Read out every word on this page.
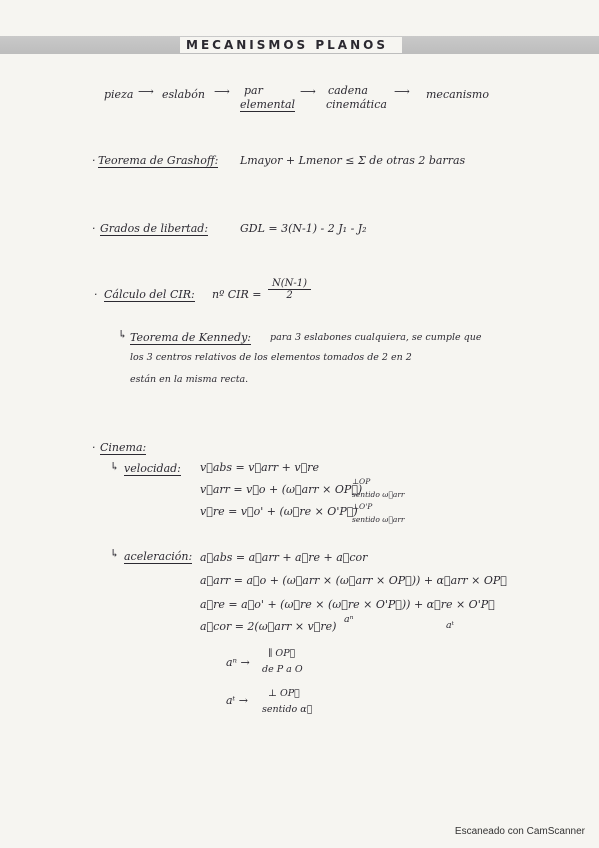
MECANISMOS PLANOS
pieza ⟶ eslabón ⟶ par
elemental
⟶ cadena
cinemática
⟶ mecanismo
· Teorema de Grashoff: Lmayor + Lmenor ≤ Σ de otras 2 barras
· Grados de libertad:	GDL = 3(N-1) - 2 J₁ - J₂
· Cálculo del CIR: nº CIR = $\frac{N(N-1)}{2}$
↳ Teorema de Kennedy: para 3 eslabones cualquiera, se cumple que
los 3 centros relativos de los elementos tomados de 2 en 2
están en la misma recta.
· Cinema:
↳ velocidad: v⃗abs = v⃗arr + v⃗re
v⃗arr = v⃗o + (ω⃗arr × OP⃗)
⊥OP
sentido ω⃗arr
v⃗re = v⃗o' + (ω⃗re × O'P⃗)
⊥O'P
sentido ω⃗arr
↳ aceleración: a⃗abs = a⃗arr + a⃗re + a⃗cor
a⃗arr = a⃗o + (ω⃗arr × (ω⃗arr × OP⃗)) + α⃗arr × OP⃗
a⃗re = a⃗o' + (ω⃗re × (ω⃗re × O'P⃗)) + α⃗re × O'P⃗
aⁿ
aᵗ
a⃗cor = 2(ω⃗arr × v⃗re)
aⁿ →
∥ OP⃗
de P a O
aᵗ →
⊥ OP⃗
sentido α⃗
Escaneado con CamScanner
